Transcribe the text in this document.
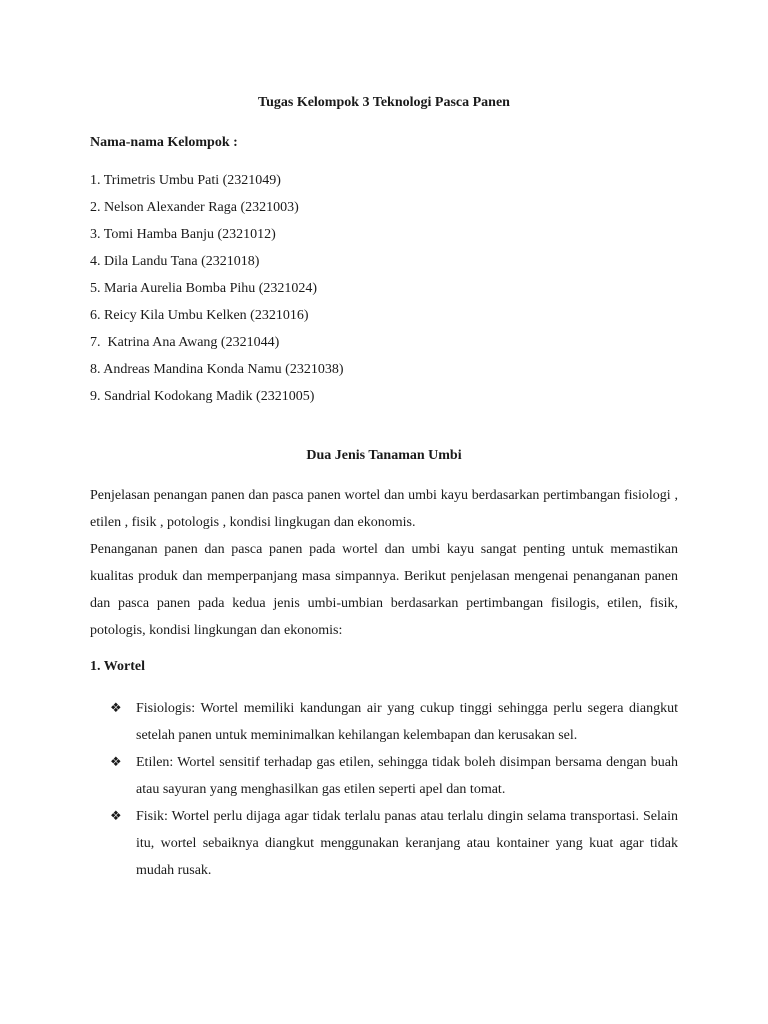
Tugas Kelompok 3 Teknologi Pasca Panen
Nama-nama Kelompok :
1. Trimetris Umbu Pati (2321049)
2. Nelson Alexander Raga (2321003)
3. Tomi Hamba Banju (2321012)
4. Dila Landu Tana (2321018)
5. Maria Aurelia Bomba Pihu (2321024)
6. Reicy Kila Umbu Kelken (2321016)
7.  Katrina Ana Awang (2321044)
8. Andreas Mandina Konda Namu (2321038)
9. Sandrial Kodokang Madik (2321005)
Dua Jenis Tanaman Umbi

Penjelasan penangan panen dan pasca panen wortel dan umbi kayu berdasarkan pertimbangan fisiologi , etilen , fisik , potologis , kondisi lingkugan dan ekonomis.

Penanganan panen dan pasca panen pada wortel dan umbi kayu sangat penting untuk memastikan kualitas produk dan memperpanjang masa simpannya. Berikut penjelasan mengenai penanganan panen dan pasca panen pada kedua jenis umbi-umbian berdasarkan pertimbangan fisilogis, etilen, fisik, potologis, kondisi lingkungan dan ekonomis:

1. Wortel
❖ Fisiologis: Wortel memiliki kandungan air yang cukup tinggi sehingga perlu segera diangkut setelah panen untuk meminimalkan kehilangan kelembapan dan kerusakan sel.
❖ Etilen: Wortel sensitif terhadap gas etilen, sehingga tidak boleh disimpan bersama dengan buah atau sayuran yang menghasilkan gas etilen seperti apel dan tomat.
❖ Fisik: Wortel perlu dijaga agar tidak terlalu panas atau terlalu dingin selama transportasi. Selain itu, wortel sebaiknya diangkut menggunakan keranjang atau kontainer yang kuat agar tidak mudah rusak.
